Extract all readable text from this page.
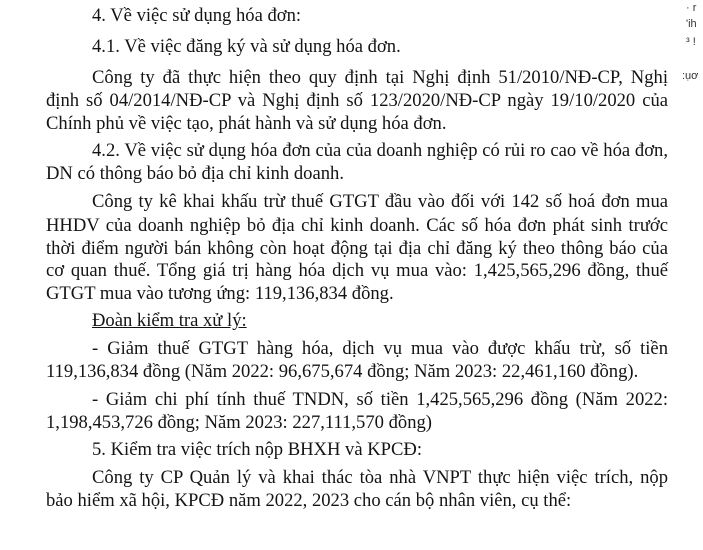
4. Về việc sử dụng hóa đơn:
4.1. Về việc đăng ký và sử dụng hóa đơn.
Công ty đã thực hiện theo quy định tại Nghị định 51/2010/NĐ-CP, Nghị
định số 04/2014/NĐ-CP và Nghị định số 123/2020/NĐ-CP ngày 19/10/2020 của
Chính phủ về việc tạo, phát hành và sử dụng hóa đơn.
4.2. Về việc sử dụng hóa đơn của của doanh nghiệp có rủi ro cao về hóa đơn,
DN có thông báo bỏ địa chỉ kinh doanh.
Công ty kê khai khấu trừ thuế GTGT đầu vào đối với 142 số hoá đơn mua
HHDV của doanh nghiệp bỏ địa chỉ kinh doanh. Các số hóa đơn phát sinh trước
thời điểm người bán không còn hoạt động tại địa chỉ đăng ký theo thông báo của
cơ quan thuế. Tổng giá trị hàng hóa dịch vụ mua vào: 1,425,565,296 đồng, thuế
GTGT mua vào tương ứng: 119,136,834 đồng.
Đoàn kiểm tra xử lý:
- Giảm thuế GTGT hàng hóa, dịch vụ mua vào được khấu trừ, số tiền
119,136,834 đồng (Năm 2022: 96,675,674 đồng; Năm 2023: 22,461,160 đồng).
- Giảm chi phí tính thuế TNDN, số tiền 1,425,565,296 đồng (Năm 2022:
1,198,453,726 đồng; Năm 2023: 227,111,570 đồng)
5. Kiểm tra việc trích nộp BHXH và KPCĐ:
Công ty CP Quản lý và khai thác tòa nhà VNPT thực hiện việc trích, nộp
bảo hiểm xã hội, KPCĐ năm 2022, 2023 cho cán bộ nhân viên, cụ thể:
· r
'ih
³ !
:ụơ
